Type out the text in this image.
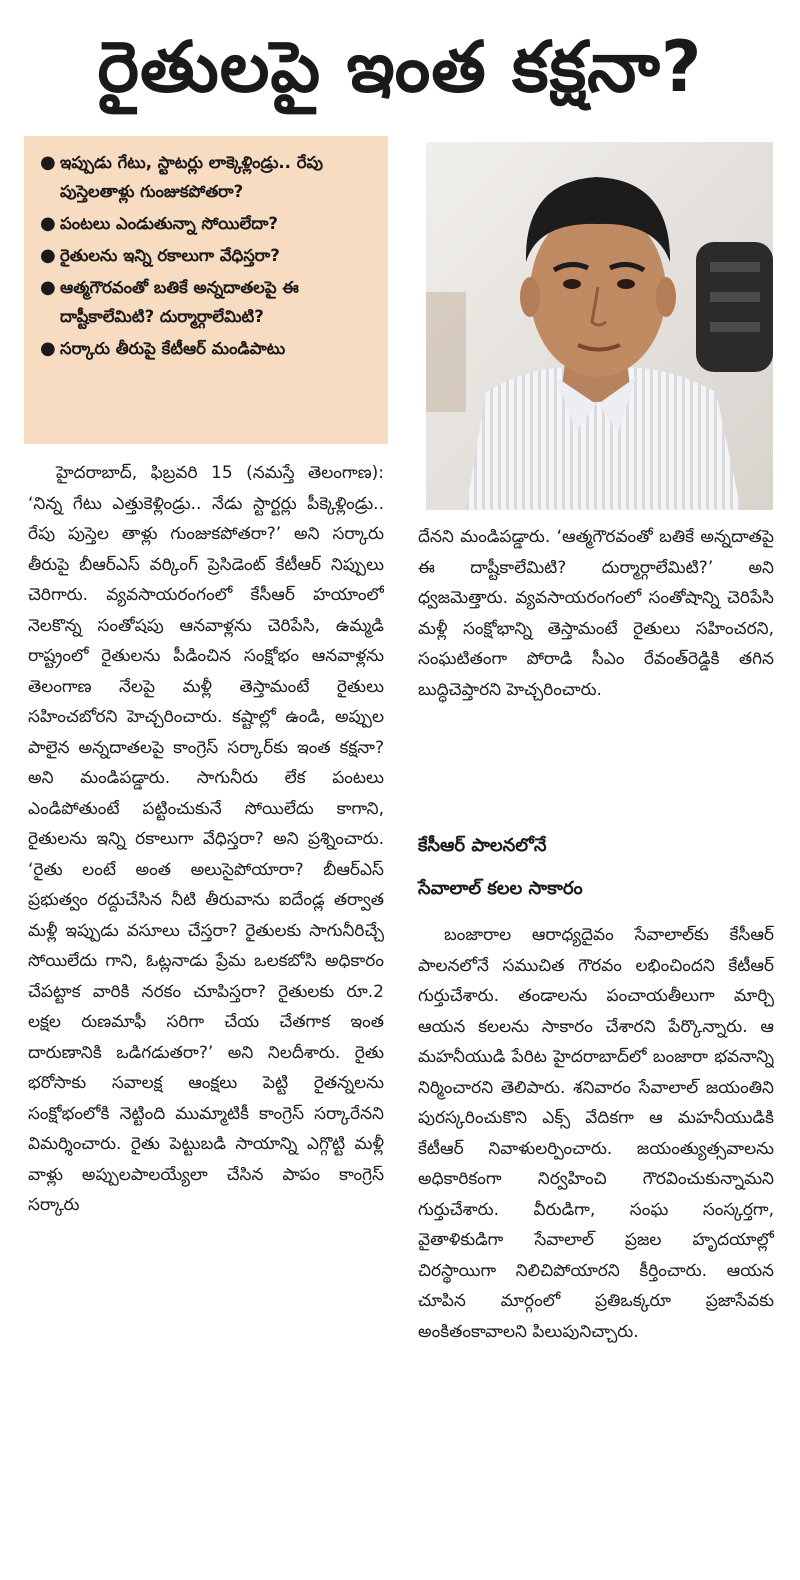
రైతులపై ఇంత కక్షనా?
● ఇప్పుడు గేటు, స్టాటర్లు లాక్కెళ్లిండ్రు.. రేపు పుస్తెలతాళ్లు గుంజుకపోతరా?
● పంటలు ఎండుతున్నా సోయిలేదా?
● రైతులను ఇన్ని రకాలుగా వేధిస్తరా?
● ఆత్మగౌరవంతో బతికే అన్నదాతలపై ఈ దాష్టీకాలేమిటి? దుర్మార్గాలేమిటి?
● సర్కారు తీరుపై కేటీఆర్ మండిపాటు

హైదరాబాద్, ఫిబ్రవరి 15 (నమస్తే తెలంగాణ): ‘నిన్న గేటు ఎత్తుకెళ్లిండ్రు.. నేడు స్టార్టర్లు పీక్కెళ్లిండ్రు.. రేపు పుస్తెల తాళ్లు గుంజుకపోతరా?’ అని సర్కారు తీరుపై బీఆర్ఎస్ వర్కింగ్ ప్రెసిడెంట్ కేటీఆర్ నిప్పులు చెరిగారు. వ్యవసాయరంగంలో కేసీఆర్ హయాంలో నెలకొన్న సంతోషపు ఆనవాళ్లను చెరిపేసి, ఉమ్మడి రాష్ట్రంలో రైతులను పీడించిన సంక్షోభం ఆనవాళ్లను తెలంగాణ నేలపై మళ్లీ తెస్తామంటే రైతులు సహించబోరని హెచ్చరించారు. కష్టాల్లో ఉండి, అప్పుల పాలైన అన్నదాతలపై కాంగ్రెస్ సర్కార్‌కు ఇంత కక్షనా? అని మండిపడ్డారు. సాగునీరు లేక పంటలు ఎండిపోతుంటే పట్టించుకునే సోయిలేదు కాగాని, రైతులను ఇన్ని రకాలుగా వేధిస్తరా? అని ప్రశ్నించారు. ‘రైతు లంటే అంత అలుసైపోయారా? బీఆర్ఎస్ ప్రభుత్వం రద్దుచేసిన నీటి తీరువాను ఐదేండ్ల తర్వాత మళ్లీ ఇప్పుడు వసూలు చేస్తరా? రైతులకు సాగునీరిచ్చే సోయిలేదు గాని, ఓట్లనాడు ప్రేమ ఒలకబోసి అధికారం చేపట్టాక వారికి నరకం చూపిస్తరా? రైతులకు రూ.2 లక్షల రుణమాఫీ సరిగా చేయ చేతగాక ఇంత దారుణానికి ఒడిగడుతరా?’ అని నిలదీశారు. రైతు భరోసాకు సవాలక్ష ఆంక్షలు పెట్టి రైతన్నలను సంక్షోభంలోకి నెట్టింది ముమ్మాటికీ కాంగ్రెస్ సర్కారేనని విమర్శించారు. రైతు పెట్టుబడి సాయాన్ని ఎగ్గొట్టి మళ్లీ వాళ్లు అప్పులపాలయ్యేలా చేసిన పాపం కాంగ్రెస్ సర్కారు

దేనని మండిపడ్డారు. ‘ఆత్మగౌరవంతో బతికే అన్నదాతపై ఈ దాష్టీకాలేమిటి? దుర్మార్గాలేమిటి?’ అని ధ్వజమెత్తారు. వ్యవసాయరంగంలో సంతోషాన్ని చెరిపేసి మళ్లీ సంక్షోభాన్ని తెస్తామంటే రైతులు సహించరని, సంఘటితంగా పోరాడి సీఎం రేవంత్‌రెడ్డికి తగిన బుద్ధిచెప్తారని హెచ్చరించారు.

కేసీఆర్ పాలనలోనే
సేవాలాల్ కలల సాకారం

బంజారాల ఆరాధ్యదైవం సేవాలాల్‌కు కేసీఆర్ పాలనలోనే సముచిత గౌరవం లభించిందని కేటీఆర్ గుర్తుచేశారు. తండాలను పంచాయతీలుగా మార్చి ఆయన కలలను సాకారం చేశారని పేర్కొన్నారు. ఆ మహనీయుడి పేరిట హైదరాబాద్‌లో బంజారా భవనాన్ని నిర్మించారని తెలిపారు. శనివారం సేవాలాల్ జయంతిని పురస్కరించుకొని ఎక్స్ వేదికగా ఆ మహనీయుడికి కేటీఆర్ నివాళులర్పించారు. జయంత్యుత్సవాలను అధికారికంగా నిర్వహించి గౌరవించుకున్నామని గుర్తుచేశారు. వీరుడిగా, సంఘ సంస్కర్తగా, వైతాళికుడిగా సేవాలాల్ ప్రజల హృదయాల్లో చిరస్థాయిగా నిలిచిపోయారని కీర్తించారు. ఆయన చూపిన మార్గంలో ప్రతిఒక్కరూ ప్రజాసేవకు అంకితంకావాలని పిలుపునిచ్చారు.
